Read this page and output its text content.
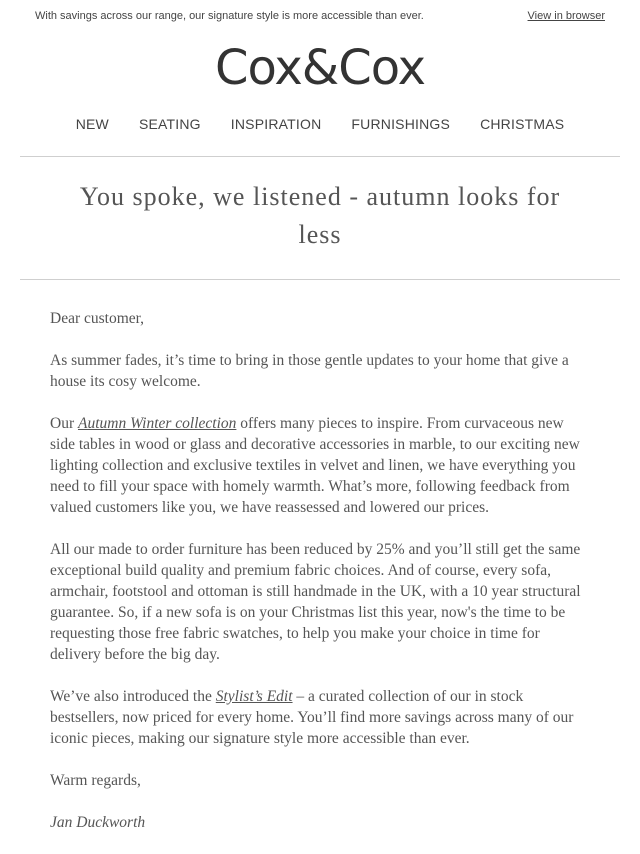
With savings across our range, our signature style is more accessible than ever.	View in browser
Cox&Cox
NEW	SEATING	INSPIRATION	FURNISHINGS	CHRISTMAS
You spoke, we listened - autumn looks for less

Dear customer,

As summer fades, it’s time to bring in those gentle updates to your home that give a house its cosy welcome.

Our Autumn Winter collection offers many pieces to inspire. From curvaceous new side tables in wood or glass and decorative accessories in marble, to our exciting new lighting collection and exclusive textiles in velvet and linen, we have everything you need to fill your space with homely warmth. What’s more, following feedback from valued customers like you, we have reassessed and lowered our prices.

All our made to order furniture has been reduced by 25% and you’ll still get the same exceptional build quality and premium fabric choices. And of course, every sofa, armchair, footstool and ottoman is still handmade in the UK, with a 10 year structural guarantee. So, if a new sofa is on your Christmas list this year, now's the time to be requesting those free fabric swatches, to help you make your choice in time for delivery before the big day.

We’ve also introduced the Stylist’s Edit – a curated collection of our in stock bestsellers, now priced for every home. You’ll find more savings across many of our iconic pieces, making our signature style more accessible than ever.

Warm regards,

Jan Duckworth
